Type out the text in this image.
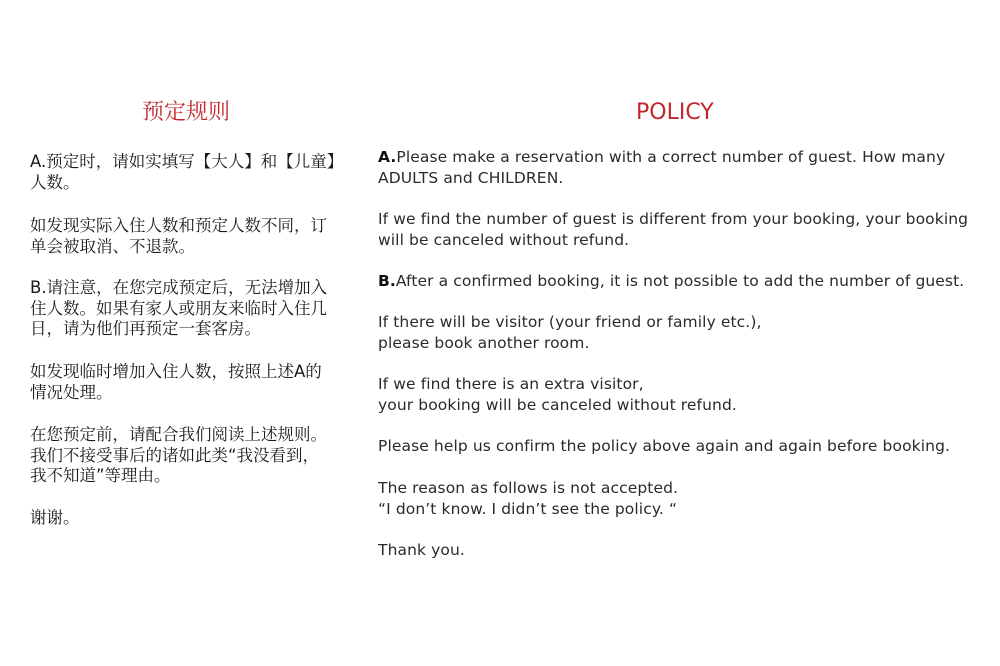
预定规则

A.预定时，请如实填写【大人】和【儿童】
人数。

如发现实际入住人数和预定人数不同，订
单会被取消、不退款。

B.请注意，在您完成预定后，无法增加入
住人数。如果有家人或朋友来临时入住几
日，请为他们再预定一套客房。

如发现临时增加入住人数，按照上述A的
情况处理。

在您预定前，请配合我们阅读上述规则。
我们不接受事后的诸如此类“我没看到，
我不知道”等理由。

谢谢。

POLICY

A.Please make a reservation with a correct number of guest. How many
ADULTS and CHILDREN.

If we find the number of guest is different from your booking, your booking
will be canceled without refund.

B.After a confirmed booking, it is not possible to add the number of guest.

If there will be visitor (your friend or family etc.),
please book another room.

If we find there is an extra visitor,
your booking will be canceled without refund.

Please help us confirm the policy above again and again before booking.

The reason as follows is not accepted.
“I don’t know. I didn’t see the policy. “

Thank you.
